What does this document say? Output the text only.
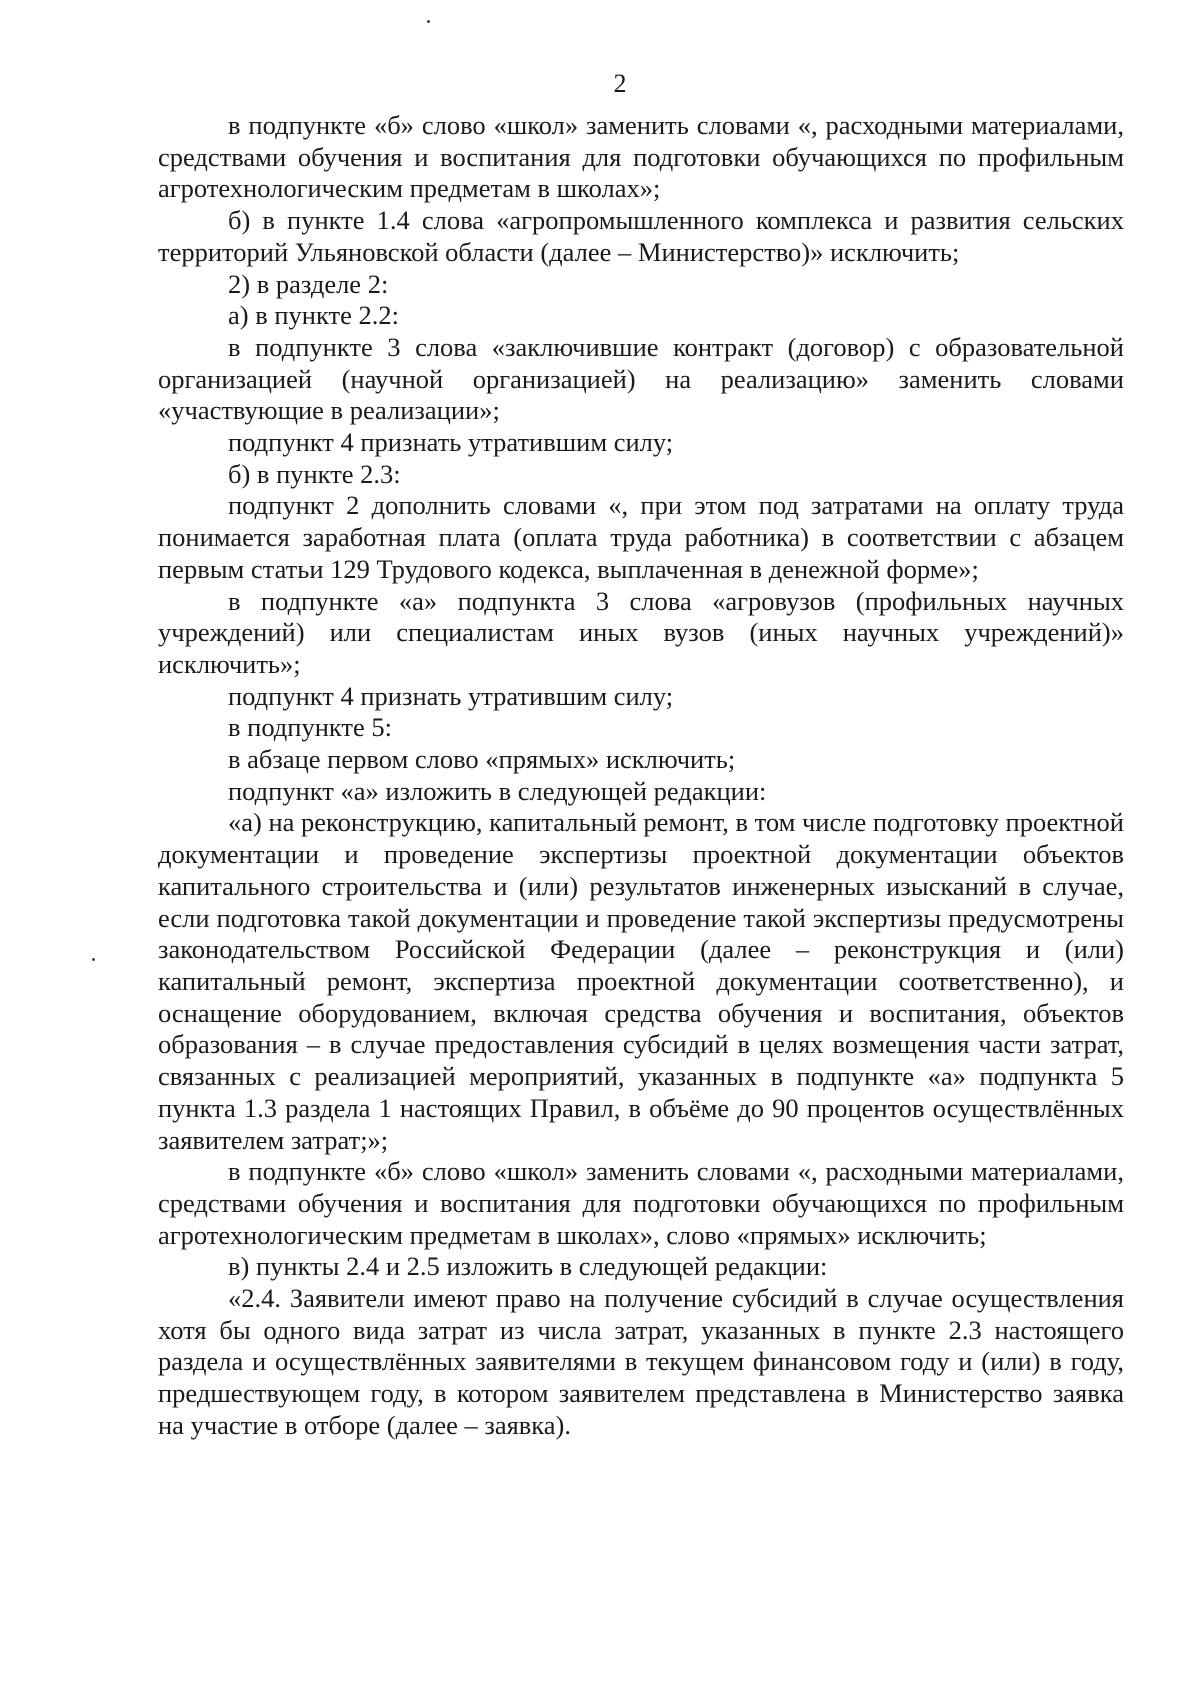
2

в подпункте «б» слово «школ» заменить словами «, расходными материалами, средствами обучения и воспитания для подготовки обучающихся по профильным агротехнологическим предметам в школах»;

б) в пункте 1.4 слова «агропромышленного комплекса и развития сельских территорий Ульяновской области (далее – Министерство)» исключить;

2) в разделе 2:

а) в пункте 2.2:

в подпункте 3 слова «заключившие контракт (договор) с образовательной организацией (научной организацией) на реализацию» заменить словами «участвующие в реализации»;

подпункт 4 признать утратившим силу;

б) в пункте 2.3:

подпункт 2 дополнить словами «, при этом под затратами на оплату труда понимается заработная плата (оплата труда работника) в соответствии с абзацем первым статьи 129 Трудового кодекса, выплаченная в денежной форме»;

в подпункте «а» подпункта 3 слова «агровузов (профильных научных учреждений) или специалистам иных вузов (иных научных учреждений)» исключить»;

подпункт 4 признать утратившим силу;

в подпункте 5:

в абзаце первом слово «прямых» исключить;

подпункт «а» изложить в следующей редакции:

«а) на реконструкцию, капитальный ремонт, в том числе подготовку проектной документации и проведение экспертизы проектной документации объектов капитального строительства и (или) результатов инженерных изысканий в случае, если подготовка такой документации и проведение такой экспертизы предусмотрены законодательством Российской Федерации (далее – реконструкция и (или) капитальный ремонт, экспертиза проектной документации соответственно), и оснащение оборудованием, включая средства обучения и воспитания, объектов образования – в случае предоставления субсидий в целях возмещения части затрат, связанных с реализацией мероприятий, указанных в подпункте «а» подпункта 5 пункта 1.3 раздела 1 настоящих Правил, в объёме до 90 процентов осуществлённых заявителем затрат;»;

в подпункте «б» слово «школ» заменить словами «, расходными материалами, средствами обучения и воспитания для подготовки обучающихся по профильным агротехнологическим предметам в школах», слово «прямых» исключить;

в) пункты 2.4 и 2.5 изложить в следующей редакции:

«2.4. Заявители имеют право на получение субсидий в случае осуществления хотя бы одного вида затрат из числа затрат, указанных в пункте 2.3 настоящего раздела и осуществлённых заявителями в текущем финансовом году и (или) в году, предшествующем году, в котором заявителем представлена в Министерство заявка на участие в отборе (далее – заявка).
